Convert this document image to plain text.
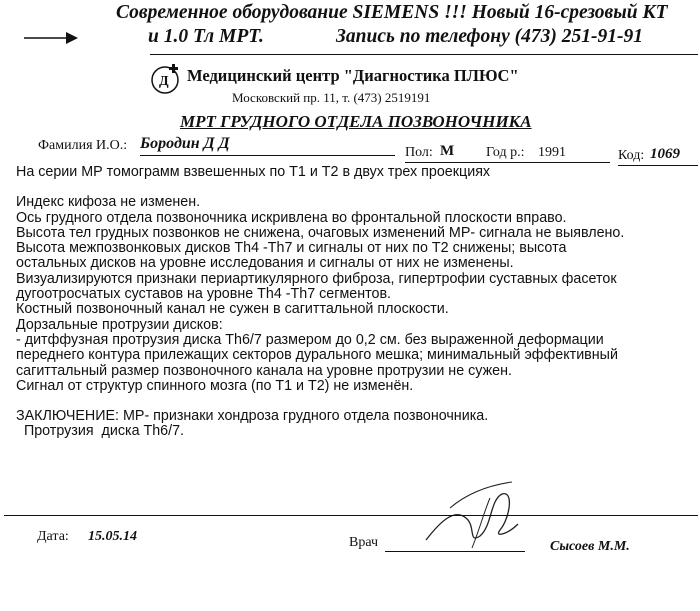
Современное оборудование SIEMENS !!! Новый 16-срезовый КТ
и 1.0 Тл МРТ.	Запись по телефону (473) 251-91-91
Д Медицинский центр "Диагностика ПЛЮС"
Московский пр. 11, т. (473) 2519191
МРТ ГРУДНОГО ОТДЕЛА ПОЗВОНОЧНИКА
Фамилия И.О.: Бородин Д Д
Пол: М Год р.: 1991	Код: 1069
На серии МР томограмм взвешенных по Т1 и Т2 в двух трех проекциях
Индекс кифоза не изменен.
Ось грудного отдела позвоночника искривлена во фронтальной плоскости вправо.
Высота тел грудных позвонков не снижена, очаговых изменений МР- сигнала не выявлено.
Высота межпозвонковых дисков Th4 -Th7 и сигналы от них по Т2 снижены; высота
остальных дисков на уровне исследования и сигналы от них не изменены.
Визуализируются признаки периартикулярного фиброза, гипертрофии суставных фасеток
дугоотросчатых суставов на уровне Th4 -Th7 сегментов.
Костный позвоночный канал не сужен в сагиттальной плоскости.
Дорзальные протрузии дисков:
- дитффузная протрузия диска Th6/7 размером до 0,2 см. без выраженной деформации
переднего контура прилежащих секторов дурального мешка; минимальный эффективный
сагиттальный размер позвоночного канала на уровне протрузии не сужен.
Сигнал от структур спинного мозга (по Т1 и Т2) не изменён.
ЗАКЛЮЧЕНИЕ: МР- признаки хондроза грудного отдела позвоночника.
Протрузия  диска Th6/7.
Дата: 15.05.14	Врач	Сысоев М.М.
